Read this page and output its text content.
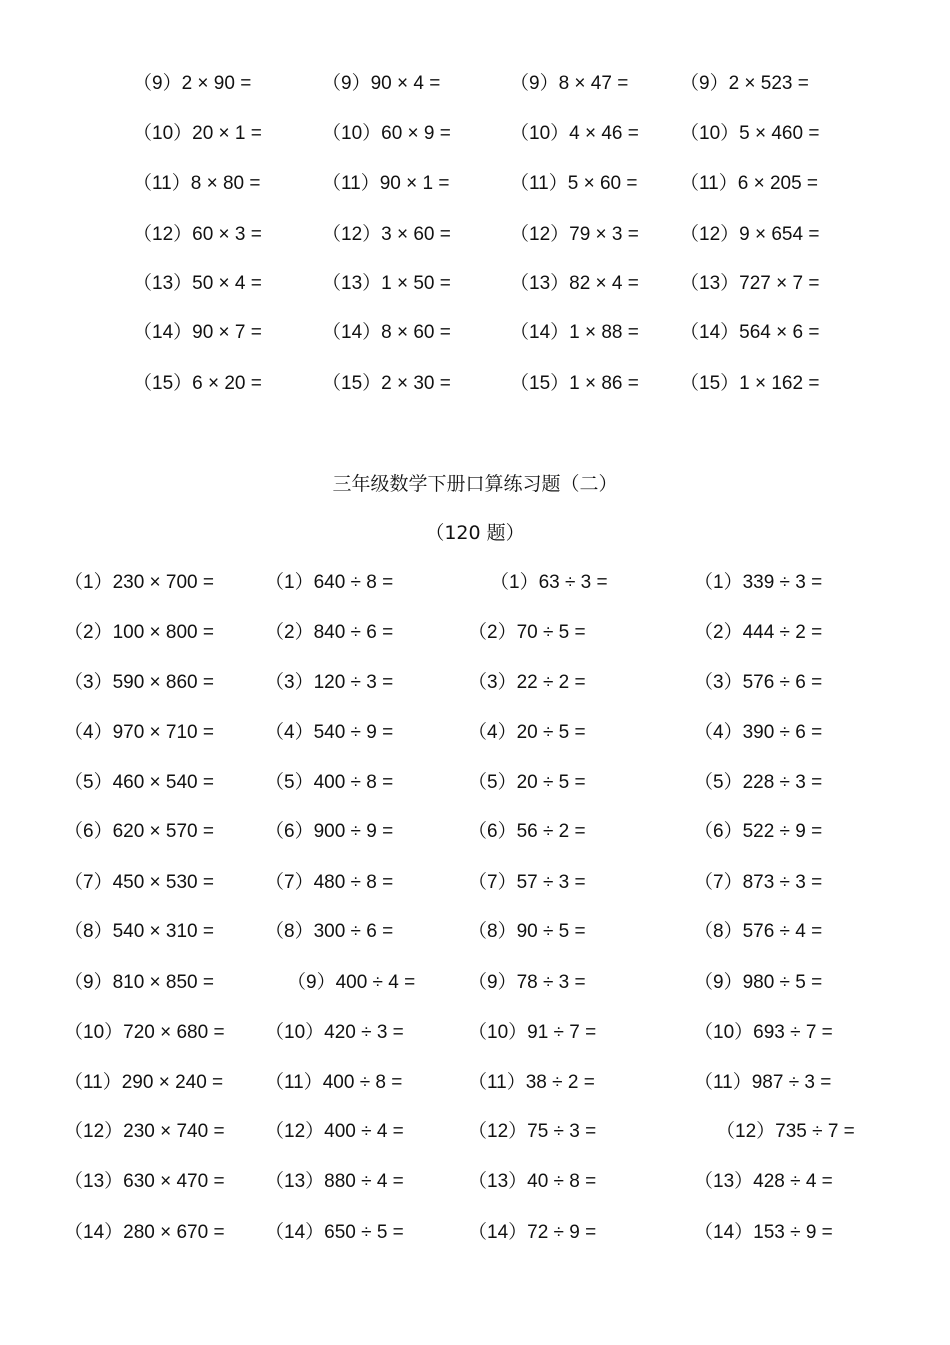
（9）2 × 90 =	（9）90 × 4 =	（9）8 × 47 =	（9）2 × 523 =
（10）20 × 1 =	（10）60 × 9 =	（10）4 × 46 = （10）5 × 460 =
（11）8 × 80 =	（11）90 × 1 =	（11）5 × 60 = （11）6 × 205 =
（12）60 × 3 =	（12）3 × 60 =	（12）79 × 3 = （12）9 × 654 =
（13）50 × 4 =	（13）1 × 50 =	（13）82 × 4 = （13）727 × 7 =
（14）90 × 7 =	（14）8 × 60 =	（14）1 × 88 = （14）564 × 6 =
（15）6 × 20 =	（15）2 × 30 =	（15）1 × 86 = （15）1 × 162 =
三年级数学下册口算练习题（二）
（120 题）
（1）230 × 700 =	（1）640 ÷ 8 =	（1）63 ÷ 3 =	（1）339 ÷ 3 =
（2）100 × 800 =	（2）840 ÷ 6 =	（2）70 ÷ 5 =	（2）444 ÷ 2 =
（3）590 × 860 =	（3）120 ÷ 3 =	（3）22 ÷ 2 =	（3）576 ÷ 6 =
（4）970 × 710 =	（4）540 ÷ 9 =	（4）20 ÷ 5 =	（4）390 ÷ 6 =
（5）460 × 540 =	（5）400 ÷ 8 =	（5）20 ÷ 5 =	（5）228 ÷ 3 =
（6）620 × 570 =	（6）900 ÷ 9 =	（6）56 ÷ 2 =	（6）522 ÷ 9 =
（7）450 × 530 =	（7）480 ÷ 8 =	（7）57 ÷ 3 =	（7）873 ÷ 3 =
（8）540 × 310 =	（8）300 ÷ 6 =	（8）90 ÷ 5 =	（8）576 ÷ 4 =
（9）810 × 850 =	（9）400 ÷ 4 =	（9）78 ÷ 3 =	（9）980 ÷ 5 =
（10）720 × 680 = （10）420 ÷ 3 =	（10）91 ÷ 7 =	（10）693 ÷ 7 =
（11）290 × 240 = （11）400 ÷ 8 =	（11）38 ÷ 2 =	（11）987 ÷ 3 =
（12）230 × 740 = （12）400 ÷ 4 =	（12）75 ÷ 3 =	（12）735 ÷ 7 =
（13）630 × 470 = （13）880 ÷ 4 =	（13）40 ÷ 8 =	（13）428 ÷ 4 =
（14）280 × 670 = （14）650 ÷ 5 =	（14）72 ÷ 9 =	（14）153 ÷ 9 =
